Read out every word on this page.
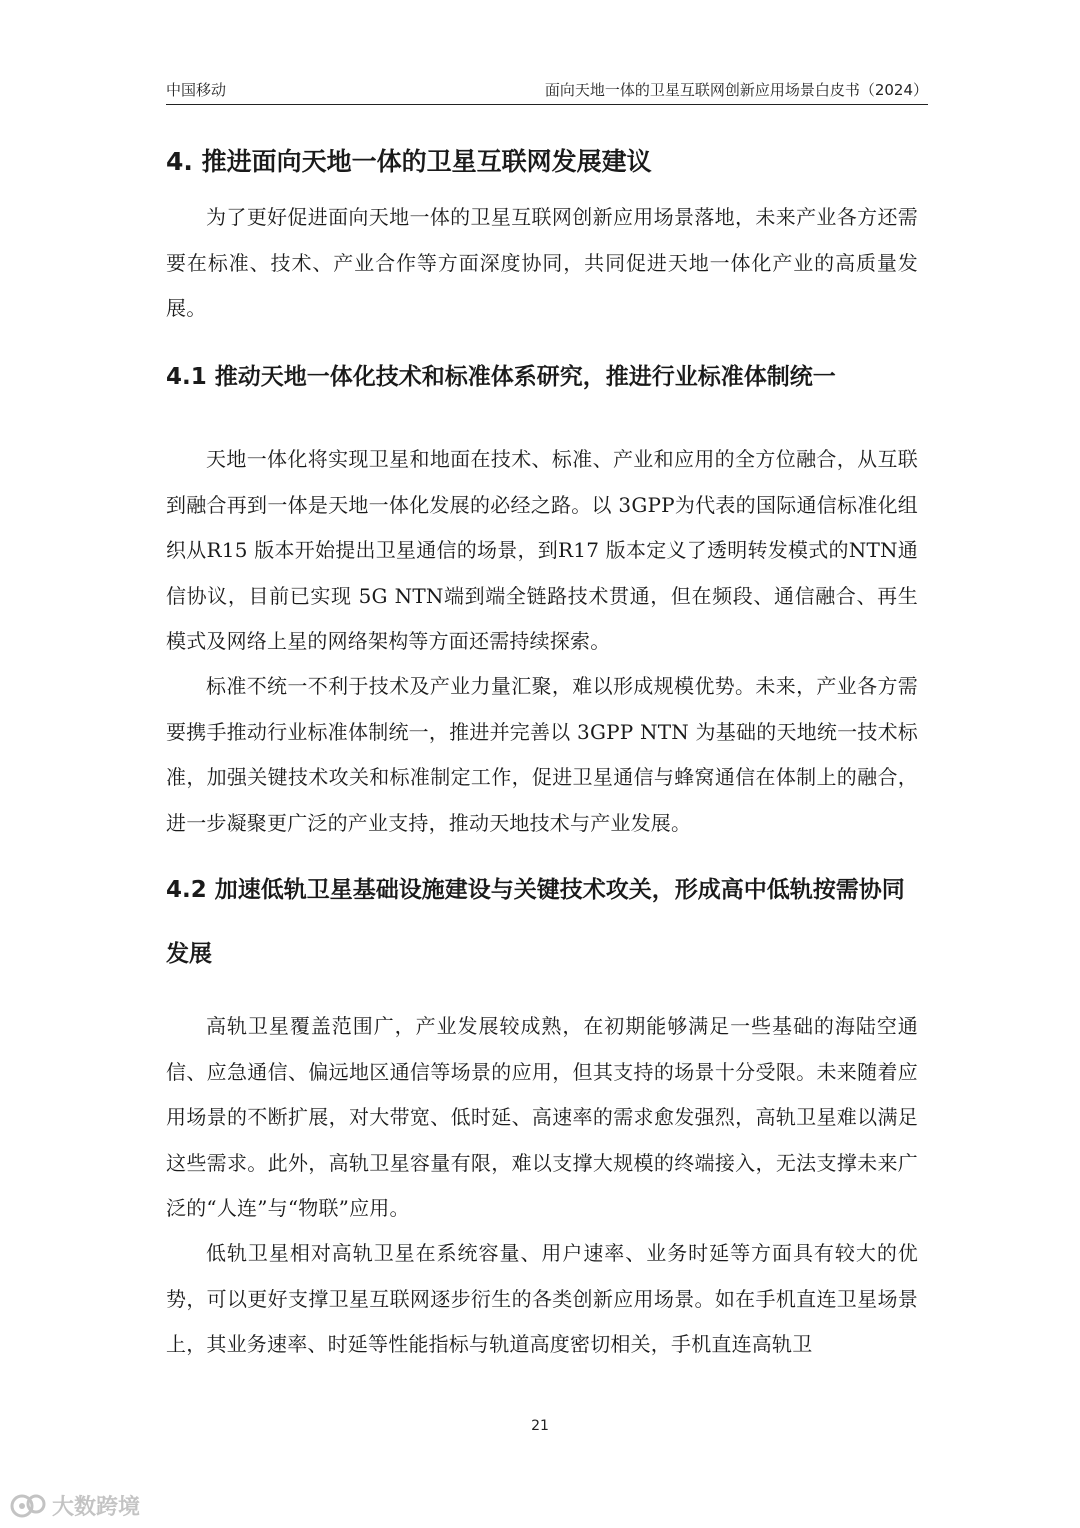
中国移动	面向天地一体的卫星互联网创新应用场景白皮书（2024）
4. 推进面向天地一体的卫星互联网发展建议

为了更好促进面向天地一体的卫星互联网创新应用场景落地，未来产业各方还需要在标准、技术、产业合作等方面深度协同，共同促进天地一体化产业的高质量发展。

4.1 推动天地一体化技术和标准体系研究，推进行业标准体制统一

天地一体化将实现卫星和地面在技术、标准、产业和应用的全方位融合，从互联到融合再到一体是天地一体化发展的必经之路。以 3GPP为代表的国际通信标准化组织从R15 版本开始提出卫星通信的场景，到R17 版本定义了透明转发模式的NTN通信协议，目前已实现 5G NTN端到端全链路技术贯通，但在频段、通信融合、再生模式及网络上星的网络架构等方面还需持续探索。

标准不统一不利于技术及产业力量汇聚，难以形成规模优势。未来，产业各方需要携手推动行业标准体制统一，推进并完善以 3GPP NTN 为基础的天地统一技术标准，加强关键技术攻关和标准制定工作，促进卫星通信与蜂窝通信在体制上的融合，进一步凝聚更广泛的产业支持，推动天地技术与产业发展。

4.2 加速低轨卫星基础设施建设与关键技术攻关，形成高中低轨按需协同发展

高轨卫星覆盖范围广，产业发展较成熟，在初期能够满足一些基础的海陆空通信、应急通信、偏远地区通信等场景的应用，但其支持的场景十分受限。未来随着应用场景的不断扩展，对大带宽、低时延、高速率的需求愈发强烈，高轨卫星难以满足这些需求。此外，高轨卫星容量有限，难以支撑大规模的终端接入，无法支撑未来广泛的“人连”与“物联”应用。

低轨卫星相对高轨卫星在系统容量、用户速率、业务时延等方面具有较大的优势，可以更好支撑卫星互联网逐步衍生的各类创新应用场景。如在手机直连卫星场景上，其业务速率、时延等性能指标与轨道高度密切相关，手机直连高轨卫

21
大数跨境
